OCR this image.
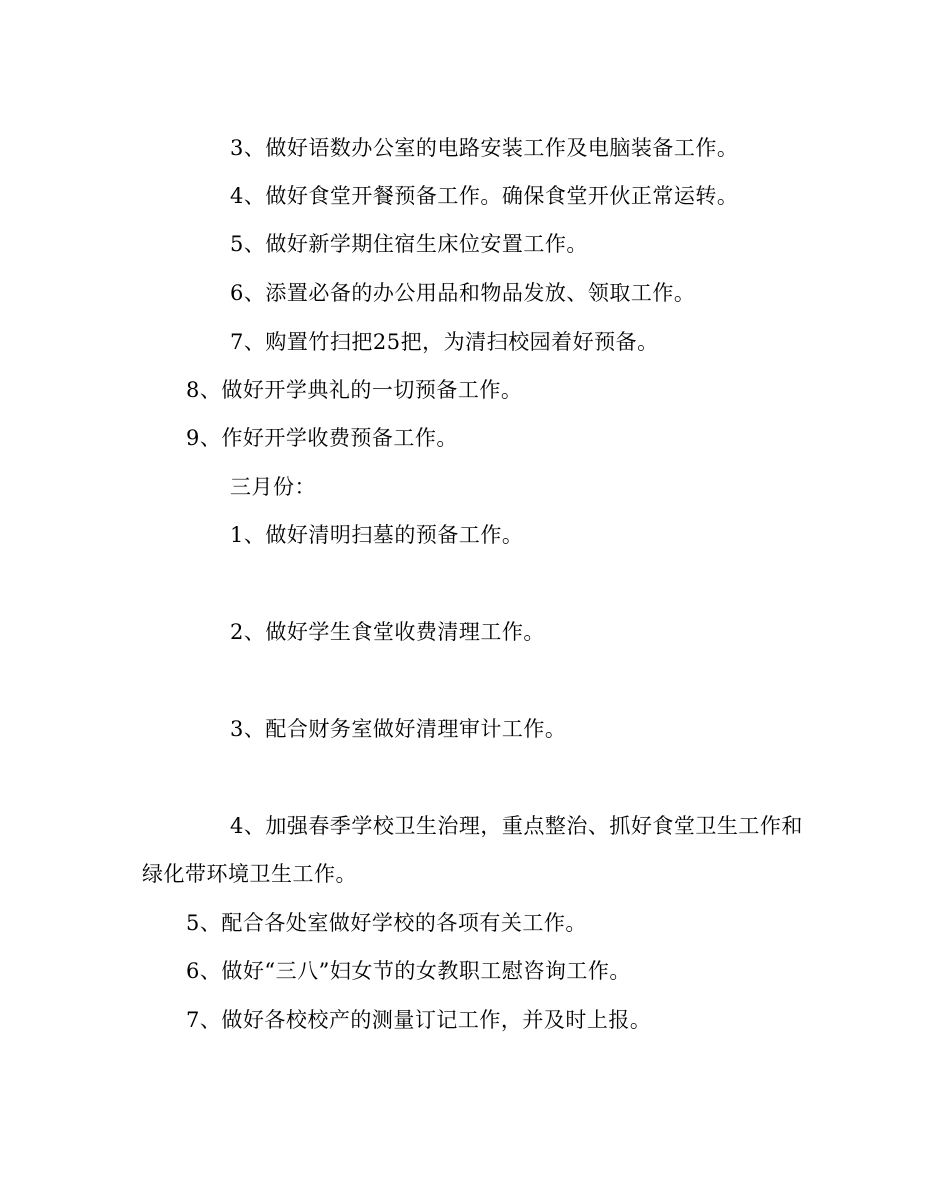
3、做好语数办公室的电路安装工作及电脑装备工作。
4、做好食堂开餐预备工作。确保食堂开伙正常运转。
5、做好新学期住宿生床位安置工作。
6、添置必备的办公用品和物品发放、领取工作。
7、购置竹扫把25把，为清扫校园着好预备。
8、做好开学典礼的一切预备工作。
9、作好开学收费预备工作。
三月份：
1、做好清明扫墓的预备工作。
2、做好学生食堂收费清理工作。
3、配合财务室做好清理审计工作。
4、加强春季学校卫生治理，重点整治、抓好食堂卫生工作和
绿化带环境卫生工作。
5、配合各处室做好学校的各项有关工作。
6、做好“三八”妇女节的女教职工慰咨询工作。
7、做好各校校产的测量订记工作，并及时上报。
